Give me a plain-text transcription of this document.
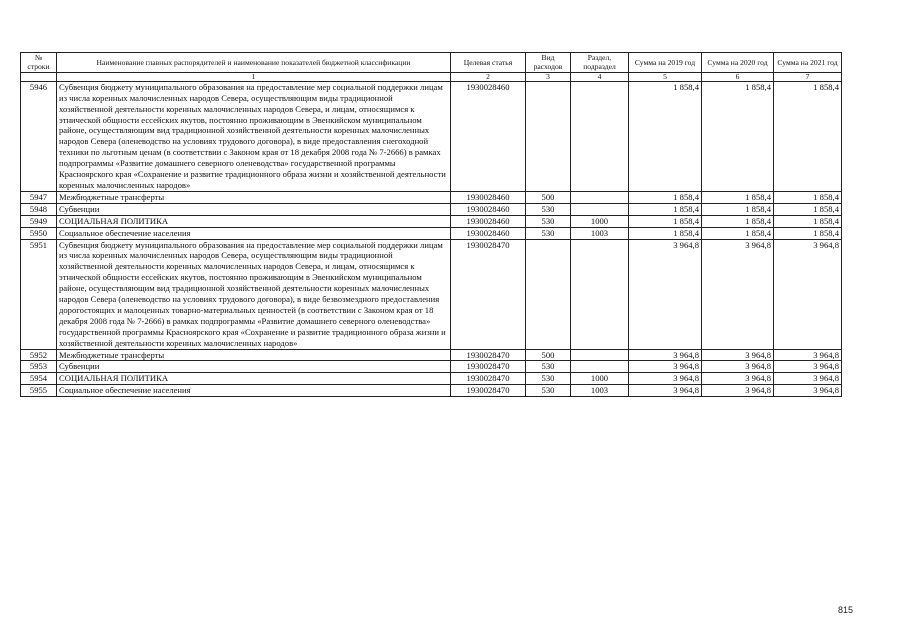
№ строки	Наименование главных распорядителей и наименование показателей бюджетной классификации	Целевая статья	Вид расходов	Раздел, подраздел	Сумма на 2019 год	Сумма на 2020 год	Сумма на 2021 год
	1	2	3	4	5	6	7
5946	Субвенция бюджету муниципального образования на предоставление мер социальной поддержки лицам из числа коренных малочисленных народов Севера, осуществляющим виды традиционной хозяйственной деятельности коренных малочисленных народов Севера, и лицам, относящимся к этнической общности ессейских якутов, постоянно проживающим в Эвенкийском муниципальном районе, осуществляющим вид традиционной хозяйственной деятельности коренных малочисленных народов Севера (оленеводство на условиях трудового договора), в виде предоставления снегоходной техники по льготным ценам (в соответствии с Законом края от 18 декабря 2008 года № 7-2666) в рамках подпрограммы «Развитие домашнего северного оленеводства» государственной программы Красноярского края «Сохранение и развитие традиционного образа жизни и хозяйственной деятельности коренных малочисленных народов»	1930028460			1 858,4	1 858,4	1 858,4
5947	Межбюджетные трансферты	1930028460	500		1 858,4	1 858,4	1 858,4
5948	Субвенции	1930028460	530		1 858,4	1 858,4	1 858,4
5949	СОЦИАЛЬНАЯ ПОЛИТИКА	1930028460	530	1000	1 858,4	1 858,4	1 858,4
5950	Социальное обеспечение населения	1930028460	530	1003	1 858,4	1 858,4	1 858,4
5951	Субвенция бюджету муниципального образования на предоставление мер социальной поддержки лицам из числа коренных малочисленных народов Севера, осуществляющим виды традиционной хозяйственной деятельности коренных малочисленных народов Севера, и лицам, относящимся к этнической общности ессейских якутов, постоянно проживающим в Эвенкийском муниципальном районе, осуществляющим вид традиционной хозяйственной деятельности коренных малочисленных народов Севера (оленеводство на условиях трудового договора), в виде безвозмездного предоставления дорогостоящих и малоценных товарно-материальных ценностей (в соответствии с Законом края от 18 декабря 2008 года № 7-2666) в рамках подпрограммы «Развитие домашнего северного оленеводства» государственной программы Красноярского края «Сохранение и развитие традиционного образа жизни и хозяйственной деятельности коренных малочисленных народов»	1930028470			3 964,8	3 964,8	3 964,8
5952	Межбюджетные трансферты	1930028470	500		3 964,8	3 964,8	3 964,8
5953	Субвенции	1930028470	530		3 964,8	3 964,8	3 964,8
5954	СОЦИАЛЬНАЯ ПОЛИТИКА	1930028470	530	1000	3 964,8	3 964,8	3 964,8
5955	Социальное обеспечение населения	1930028470	530	1003	3 964,8	3 964,8	3 964,8
815
